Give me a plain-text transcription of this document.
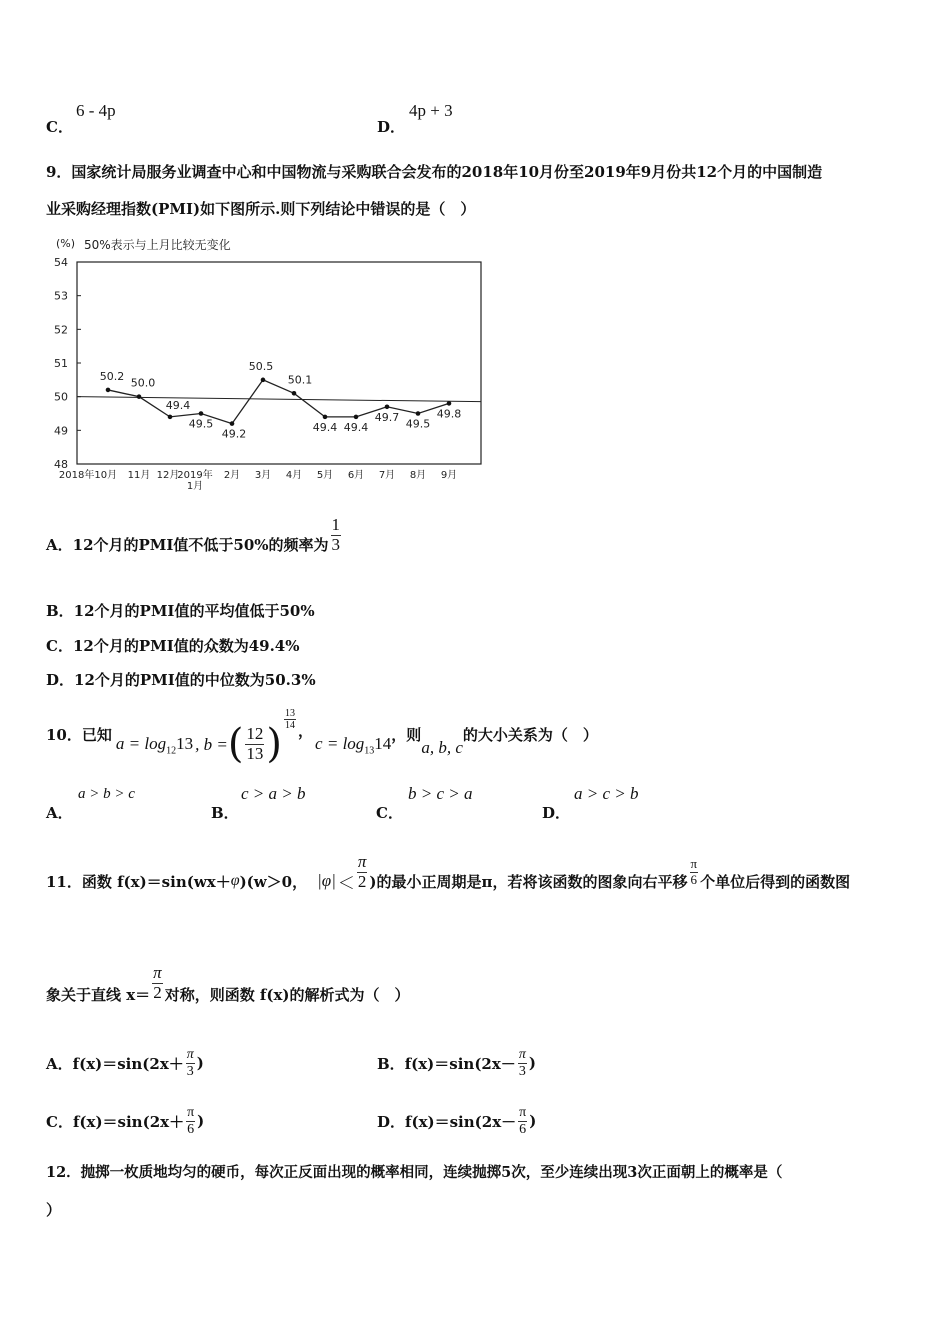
C．
6 - 4p
D．
4p + 3
9．国家统计局服务业调查中心和中国物流与采购联合会发布的2018年10月份至2019年9月份共12个月的中国制造
业采购经理指数(PMI)如下图所示.则下列结论中错误的是（　）
(%) 50%表示与上月比较无变化
54
53
52
51
50
49
48
50.2
50.0
49.4
49.5
49.2
50.5
50.1
49.4 49.4
49.7
49.5
49.8
2018年10月 11月 12月
2019年
1月
2月 3月 4月 5月 6月 7月 8月 9月
A．12个月的PMI值不低于50%的频率为 $\frac{1}{3}$
B．12个月的PMI值的平均值低于50%
C．12个月的PMI值的众数为49.4%
D．12个月的PMI值的中位数为50.3%
10．已知 $a = \log_{12}13$ , b = ( $\frac{12}{13}$ )
$\frac{13}{14}$ ，
$c = \log_{13}14$ ，则
a, b, c
的大小关系为（　）
A．
a > b > c
B．
c > a > b
C．
b > c > a
D．
a > c > b
11．函数 f(x)＝sin(wx＋ φ )(w＞0， $|\varphi| < \frac{\pi}{2}$ )的最小正周期是π，若将该函数的图象向右平移 $\frac{\pi}{6}$ 个单位后得到的函数图
象关于直线 $x= \frac{\pi}{2}$ 对称，则函数 f(x)的解析式为（　）
A． $f(x)=\sin(2x+ \frac{\pi}{3}$ )	B． $f(x)=\sin(2x- \frac{\pi}{3}$ )
C． $f(x)=\sin(2x+ \frac{\pi}{6}$ )	D． $f(x)=\sin(2x- \frac{\pi}{6}$ )
12．抛掷一枚质地均匀的硬币，每次正反面出现的概率相同，连续抛掷5次，至少连续出现3次正面朝上的概率是（
）
